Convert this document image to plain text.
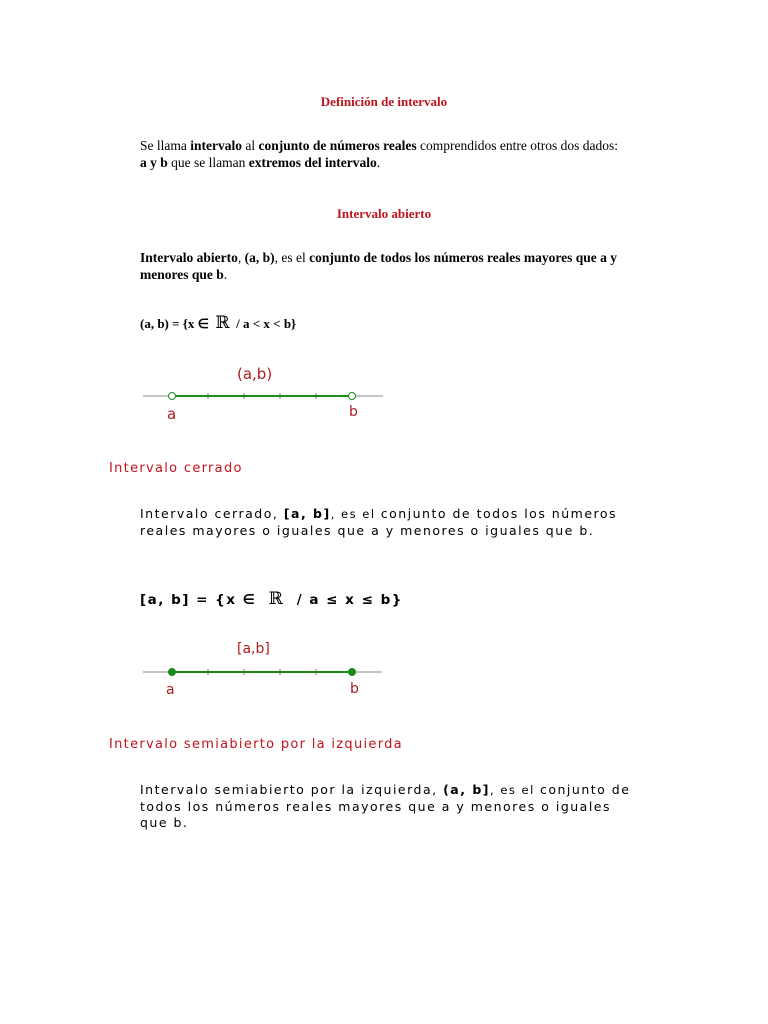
Definición de intervalo
Se llama intervalo al conjunto de números reales comprendidos entre otros dos dados: a y b que se llaman extremos del intervalo.
Intervalo abierto
Intervalo abierto, (a, b), es el conjunto de todos los números reales mayores que a y menores que b.
(a, b) = {x ∈ ℝ / a < x < b}
(a,b)
a	b
Intervalo cerrado
Intervalo cerrado, [a, b], es el conjunto de todos los números reales mayores o iguales que a y menores o iguales que b.
[a, b] = {x ∈ ℝ / a ≤ x ≤ b}
[a,b]
a	b
Intervalo semiabierto por la izquierda
Intervalo semiabierto por la izquierda, (a, b], es el conjunto de todos los números reales mayores que a y menores o iguales que b.
